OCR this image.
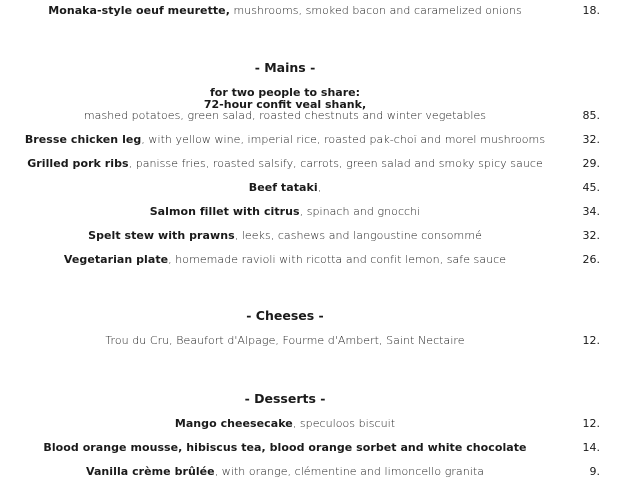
Monaka-style oeuf meurette, mushrooms, smoked bacon and caramelized onions	18.
- Mains -
for two people to share:
72-hour confit veal shank,
mashed potatoes, green salad, roasted chestnuts and winter vegetables	85.
Bresse chicken leg, with yellow wine, imperial rice, roasted pak-choï and morel mushrooms	32.
Grilled pork ribs, panisse fries, roasted salsify, carrots, green salad and smoky spicy sauce	29.
Beef tataki,	45.
Salmon fillet with citrus, spinach and gnocchi	34.
Spelt stew with prawns, leeks, cashews and langoustine consommé	32.
Vegetarian plate, homemade ravioli with ricotta and confit lemon, safe sauce	26.
- Cheeses -
Trou du Cru, Beaufort d'Alpage, Fourme d'Ambert, Saint Nectaire	12.
- Desserts -
Mango cheesecake, speculoos biscuit	12.
Blood orange mousse, hibiscus tea, blood orange sorbet and white chocolate	14.
Vanilla crème brûlée, with orange, clémentine and limoncello granita	9.
